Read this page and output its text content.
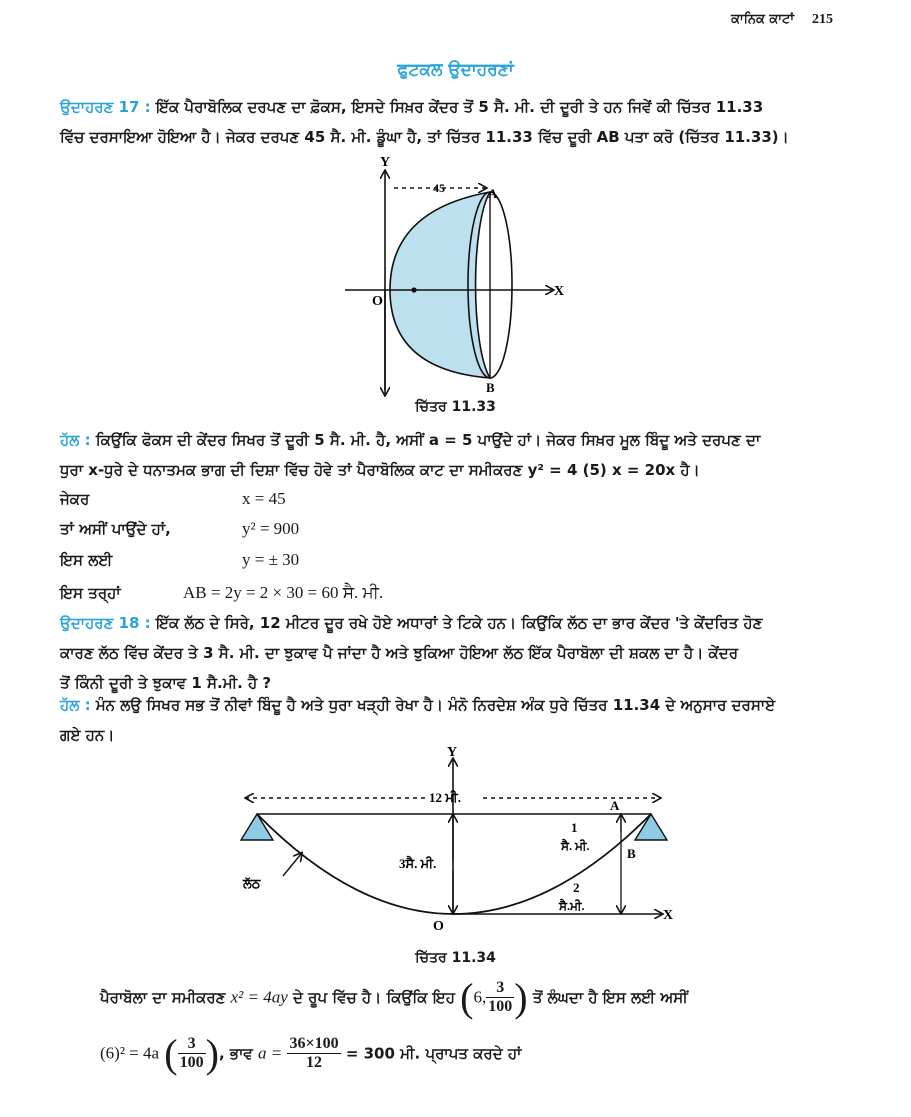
ਕਾਨਿਕ ਕਾਟਾਂ 215
ਫੁਟਕਲ ਉਦਾਹਰਣਾਂ
ਉਦਾਹਰਣ 17 : ਇੱਕ ਪੈਰਾਬੋਲਿਕ ਦਰਪਣ ਦਾ ਫ਼ੋਕਸ, ਇਸਦੇ ਸਿਖ਼ਰ ਕੇਂਦਰ ਤੋਂ 5 ਸੈ. ਮੀ. ਦੀ ਦੂਰੀ ਤੇ ਹਨ ਜਿਵੇਂ ਕੀ ਚਿੱਤਰ 11.33
ਵਿੱਚ ਦਰਸਾਇਆ ਹੋਇਆ ਹੈ। ਜੇਕਰ ਦਰਪਣ 45 ਸੈ. ਮੀ. ਡੂੰਘਾ ਹੈ, ਤਾਂ ਚਿੱਤਰ 11.33 ਵਿੱਚ ਦੂਰੀ AB ਪਤਾ ਕਰੋ (ਚਿੱਤਰ 11.33)।
Y
X
O
A
B
45
ਚਿੱਤਰ 11.33
ਹੱਲ : ਕਿਉਂਕਿ ਫੋਕਸ ਦੀ ਕੇਂਦਰ ਸਿਖਰ ਤੋਂ ਦੂਰੀ 5 ਸੈ. ਮੀ. ਹੈ, ਅਸੀਂ a = 5 ਪਾਉਂਦੇ ਹਾਂ। ਜੇਕਰ ਸਿਖ਼ਰ ਮੂਲ ਬਿੰਦੂ ਅਤੇ ਦਰਪਣ ਦਾ
ਧੁਰਾ x-ਧੁਰੇ ਦੇ ਧਨਾਤਮਕ ਭਾਗ ਦੀ ਦਿਸ਼ਾ ਵਿੱਚ ਹੋਵੇ ਤਾਂ ਪੈਰਾਬੋਲਿਕ ਕਾਟ ਦਾ ਸਮੀਕਰਣ y² = 4 (5) x = 20x ਹੈ।
ਜੇਕਰ	x = 45
ਤਾਂ ਅਸੀਂ ਪਾਉਂਦੇ ਹਾਂ,	y² = 900
ਇਸ ਲਈ	y = ± 30
ਇਸ ਤਰ੍ਹਾਂ	AB = 2y = 2 × 30 = 60 ਸੈ. ਮੀ.
ਉਦਾਹਰਣ 18 : ਇੱਕ ਲੱਠ ਦੇ ਸਿਰੇ, 12 ਮੀਟਰ ਦੂਰ ਰਖੇ ਹੋਏ ਅਧਾਰਾਂ ਤੇ ਟਿਕੇ ਹਨ। ਕਿਉਂਕਿ ਲੱਠ ਦਾ ਭਾਰ ਕੇਂਦਰ 'ਤੇ ਕੇਂਦਰਿਤ ਹੋਣ
ਕਾਰਣ ਲੱਠ ਵਿੱਚ ਕੇਂਦਰ ਤੇ 3 ਸੈ. ਮੀ. ਦਾ ਝੁਕਾਵ ਪੈ ਜਾਂਦਾ ਹੈ ਅਤੇ ਝੁਕਿਆ ਹੋਇਆ ਲੱਠ ਇੱਕ ਪੈਰਾਬੋਲਾ ਦੀ ਸ਼ਕਲ ਦਾ ਹੈ। ਕੇਂਦਰ
ਤੋਂ ਕਿੰਨੀ ਦੂਰੀ ਤੇ ਝੁਕਾਵ 1 ਸੈ.ਮੀ. ਹੈ ?
ਹੱਲ : ਮੰਨ ਲਉ ਸਿਖਰ ਸਭ ਤੋਂ ਨੀਵਾਂ ਬਿੰਦੂ ਹੈ ਅਤੇ ਧੁਰਾ ਖੜ੍ਹੀ ਰੇਖਾ ਹੈ। ਮੰਨੋ ਨਿਰਦੇਸ਼ ਅੰਕ ਧੁਰੇ ਚਿੱਤਰ 11.34 ਦੇ ਅਨੁਸਾਰ ਦਰਸਾਏ
ਗਏ ਹਨ।
Y
X
O
A
B
12 ਮੀ.
3ਸੈ. ਮੀ.
ਲੱਠ
1
ਸੈ. ਮੀ.
2
ਸੈ.ਮੀ.
ਚਿੱਤਰ 11.34
ਪੈਰਾਬੋਲਾ ਦਾ ਸਮੀਕਰਣ x² = 4ay ਦੇ ਰੂਪ ਵਿੱਚ ਹੈ। ਕਿਉਂਕਿ ਇਹ (6, $\frac{3}{100}$ ) ਤੋਂ ਲੰਘਦਾ ਹੈ ਇਸ ਲਈ ਅਸੀਂ
(6)² = 4a ( $\frac{3}{100}$ ), ਭਾਵ $a = \frac{36\times 100}{12} = 300$ ਮੀ. ਪ੍ਰਾਪਤ ਕਰਦੇ ਹਾਂ
